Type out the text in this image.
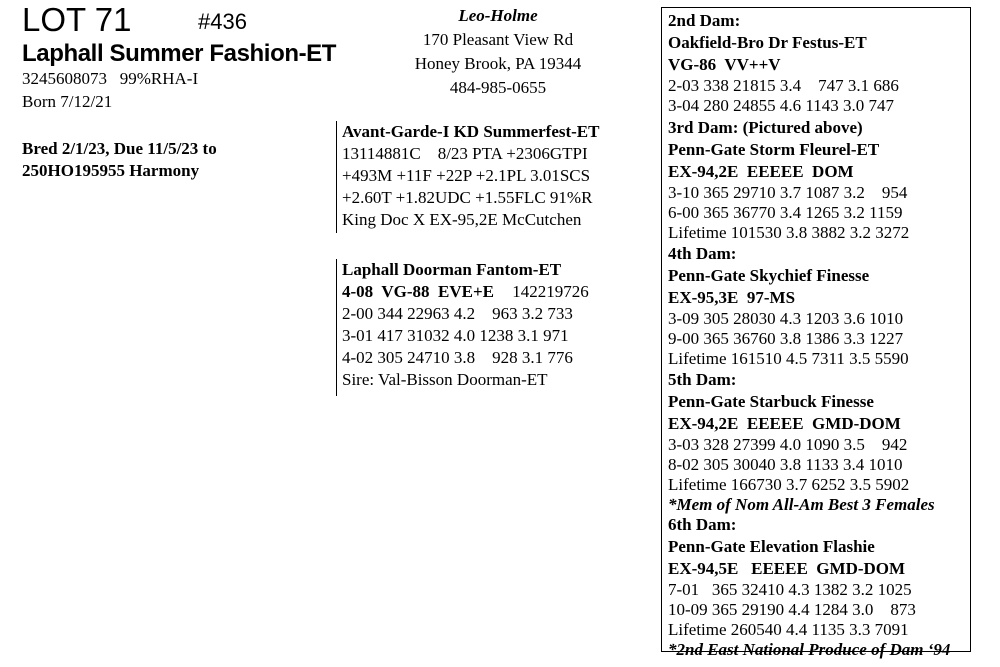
LOT 71	#436
Laphall Summer Fashion-ET
3245608073   99%RHA-I
Born 7/12/21
Bred 2/1/23, Due 11/5/23 to
250HO195955 Harmony
Leo-Holme
170 Pleasant View Rd
Honey Brook, PA 19344
484-985-0655
Avant-Garde-I KD Summerfest-ET
13114881C    8/23 PTA +2306GTPI
+493M +11F +22P +2.1PL 3.01SCS
+2.60T +1.82UDC +1.55FLC 91%R
King Doc X EX-95,2E McCutchen
Laphall Doorman Fantom-ET
4-08  VG-88  EVE+E 142219726
2-00 344 22963 4.2    963 3.2 733
3-01 417 31032 4.0 1238 3.1 971
4-02 305 24710 3.8    928 3.1 776
Sire: Val-Bisson Doorman-ET
2nd Dam:
Oakfield-Bro Dr Festus-ET
VG-86  VV++V
2-03 338 21815 3.4    747 3.1 686
3-04 280 24855 4.6 1143 3.0 747
3rd Dam: (Pictured above)
Penn-Gate Storm Fleurel-ET
EX-94,2E  EEEEE  DOM
3-10 365 29710 3.7 1087 3.2    954
6-00 365 36770 3.4 1265 3.2 1159
Lifetime 101530 3.8 3882 3.2 3272
4th Dam:
Penn-Gate Skychief Finesse
EX-95,3E  97-MS
3-09 305 28030 4.3 1203 3.6 1010
9-00 365 36760 3.8 1386 3.3 1227
Lifetime 161510 4.5 7311 3.5 5590
5th Dam:
Penn-Gate Starbuck Finesse
EX-94,2E  EEEEE  GMD-DOM
3-03 328 27399 4.0 1090 3.5    942
8-02 305 30040 3.8 1133 3.4 1010
Lifetime 166730 3.7 6252 3.5 5902
*Mem of Nom All-Am Best 3 Females
6th Dam:
Penn-Gate Elevation Flashie
EX-94,5E   EEEEE  GMD-DOM
7-01   365 32410 4.3 1382 3.2 1025
10-09 365 29190 4.4 1284 3.0    873
Lifetime 260540 4.4 1135 3.3 7091
*2nd East National Produce of Dam ‘94
